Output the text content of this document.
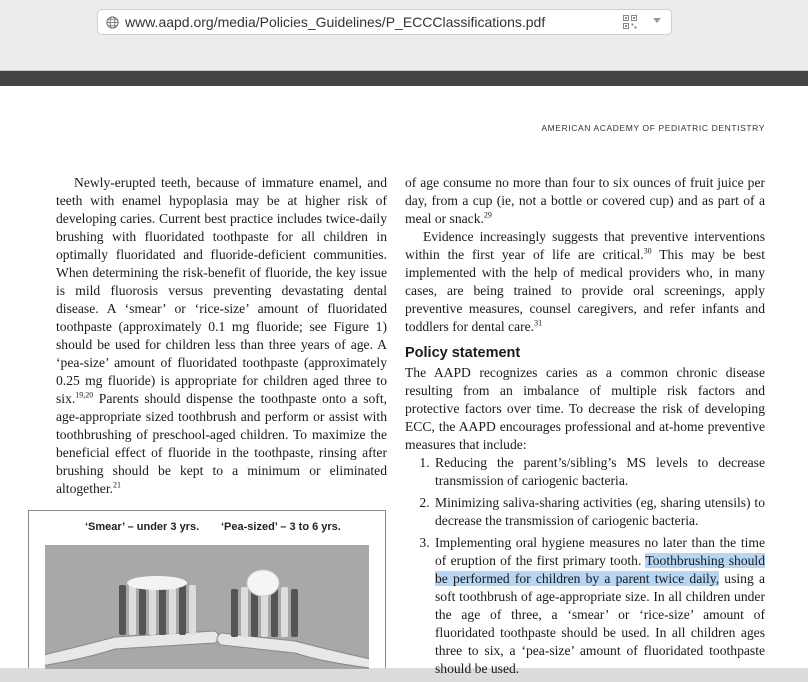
www.aapd.org/media/Policies_Guidelines/P_ECCClassifications.pdf
AMERICAN ACADEMY OF PEDIATRIC DENTISTRY

Newly-erupted teeth, because of immature enamel, and teeth with enamel hypoplasia may be at higher risk of developing caries. Current best practice includes twice-daily brushing with fluoridated toothpaste for all children in optimally fluoridated and fluoride-deficient communities. When determining the risk-benefit of fluoride, the key issue is mild fluorosis versus preventing devastating dental disease. A ‘smear’ or ‘rice-size’ amount of fluoridated toothpaste (approximately 0.1 mg fluoride; see Figure 1) should be used for children less than three years of age. A ‘pea-size’ amount of fluoridated toothpaste (approximately 0.25 mg fluoride) is appropriate for children aged three to six.$^{19,20}$ Parents should dispense the toothpaste onto a soft, age-appropriate sized toothbrush and perform or assist with toothbrushing of preschool-aged children. To maximize the beneficial effect of fluoride in the toothpaste, rinsing after brushing should be kept to a minimum or eliminated altogether.$^{21}$

‘Smear’ – under 3 yrs. ‘Pea-sized’ – 3 to 6 yrs.

of age consume no more than four to six ounces of fruit juice per day, from a cup (ie, not a bottle or covered cup) and as part of a meal or snack.$^{29}$

Evidence increasingly suggests that preventive interventions within the first year of life are critical.$^{30}$ This may be best implemented with the help of medical providers who, in many cases, are being trained to provide oral screenings, apply preventive measures, counsel caregivers, and refer infants and toddlers for dental care.$^{31}$

Policy statement

The AAPD recognizes caries as a common chronic disease resulting from an imbalance of multiple risk factors and protective factors over time. To decrease the risk of developing ECC, the AAPD encourages professional and at-home preventive measures that include:

1. Reducing the parent’s/sibling’s MS levels to decrease transmission of cariogenic bacteria.
2. Minimizing saliva-sharing activities (eg, sharing utensils) to decrease the transmission of cariogenic bacteria.
3. Implementing oral hygiene measures no later than the time of eruption of the first primary tooth. Toothbrushing should be performed for children by a parent twice daily, using a soft toothbrush of age-appropriate size. In all children under the age of three, a ‘smear’ or ‘rice-size’ amount of fluoridated toothpaste should be used. In all children ages three to six, a ‘pea-size’ amount of fluoridated toothpaste should be used.
